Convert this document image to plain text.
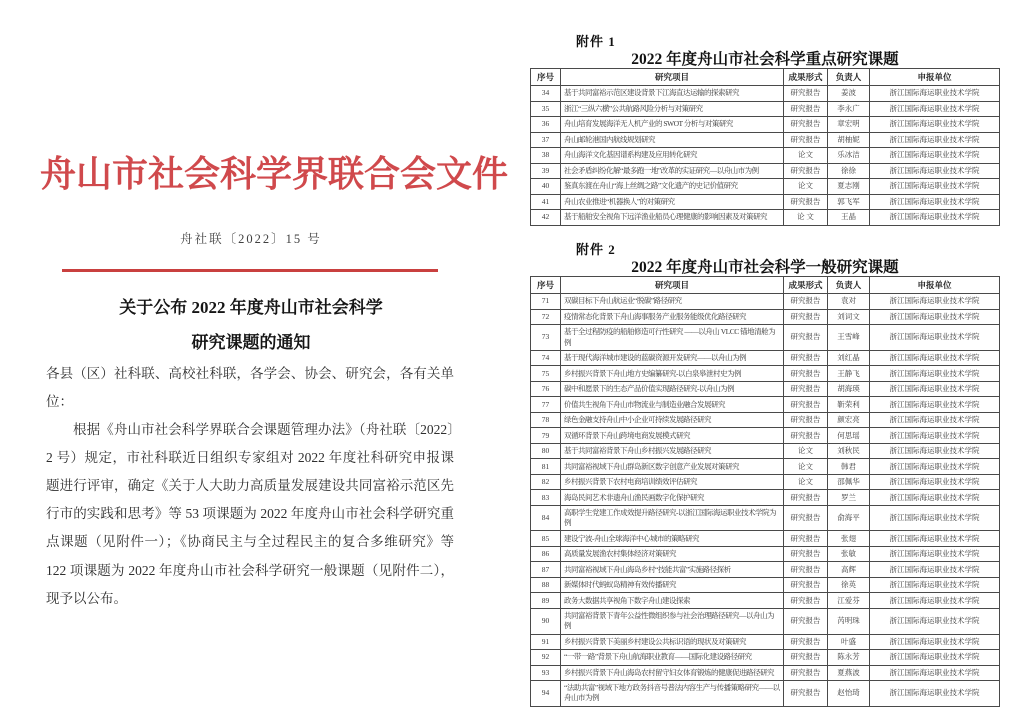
舟山市社会科学界联合会文件
舟社联〔2022〕15 号
关于公布 2022 年度舟山市社会科学
研究课题的通知

各县（区）社科联、高校社科联，各学会、协会、研究会，各有关单位：

根据《舟山市社会科学界联合会课题管理办法》（舟社联〔2022〕2 号）规定，市社科联近日组织专家组对 2022 年度社科研究申报课题进行评审，确定《关于人大助力高质量发展建设共同富裕示范区先行市的实践和思考》等 53 项课题为 2022 年度舟山市社会科学研究重点课题（见附件一）；《协商民主与全过程民主的复合多维研究》等 122 项课题为 2022 年度舟山市社会科学研究一般课题（见附件二），现予以公布。

附件 1
2022 年度舟山市社会科学重点研究课题
序号	研究项目	成果形式	负责人	申报单位
34	基于共同富裕示范区建设背景下江海直达运输的探索研究	研究报告	姜波	浙江国际海运职业技术学院
35	浙江“三纵六横”公共航路风险分析与对策研究	研究报告	李永广	浙江国际海运职业技术学院
36	舟山培育发展海洋无人机产业的 SWOT 分析与对策研究	研究报告	章宏明	浙江国际海运职业技术学院
37	舟山邮轮港国内航线规划研究	研究报告	胡柚妮	浙江国际海运职业技术学院
38	舟山海洋文化基因谱系构建及应用转化研究	论文	乐冰洁	浙江国际海运职业技术学院
39	社会矛盾纠纷化解“最多跑一地”改革的实证研究—以舟山市为例	研究报告	徐徐	浙江国际海运职业技术学院
40	鉴真东渡在舟山“海上丝绸之路”文化遗产的史记价值研究	论文	夏志刚	浙江国际海运职业技术学院
41	舟山农业推进“机器换人”的对策研究	研究报告	郭飞军	浙江国际海运职业技术学院
42	基于船舶安全视角下远洋渔业船员心理健康的影响因素及对策研究	论 文	王晶	浙江国际海运职业技术学院
附件 2
2022 年度舟山市社会科学一般研究课题
序号	研究项目	成果形式	负责人	申报单位
71	双碳目标下舟山航运业“脱碳”路径研究	研究报告	袁对	浙江国际海运职业技术学院
72	疫情常态化背景下舟山海事服务产业服务能级优化路径研究	研究报告	刘词文	浙江国际海运职业技术学院
73	基于全过程防疫的船舶修造可行性研究 ——以舟山 VLCC 锚地清舱为例	研究报告	王雪峰	浙江国际海运职业技术学院
74	基于现代海洋城市建设的蓝碳资源开发研究——以舟山为例	研究报告	刘红晶	浙江国际海运职业技术学院
75	乡村振兴背景下舟山地方史编纂研究-以白泉皋泄村史为例	研究报告	王静飞	浙江国际海运职业技术学院
76	碳中和愿景下的生态产品价值实现路径研究-以舟山为例	研究报告	胡海瑛	浙江国际海运职业技术学院
77	价值共生视角下舟山市物流业与制造业融合发展研究	研究报告	靳荣利	浙江国际海运职业技术学院
78	绿色金融支持舟山中小企业可持续发展路径研究	研究报告	颜宏亮	浙江国际海运职业技术学院
79	双循环背景下舟山跨境电商发展模式研究	研究报告	何思瑶	浙江国际海运职业技术学院
80	基于共同富裕背景下舟山乡村振兴发展路径研究	论文	刘秋民	浙江国际海运职业技术学院
81	共同富裕视域下舟山群岛新区数字创意产业发展对策研究	论文	韩君	浙江国际海运职业技术学院
82	乡村振兴背景下农村电商培训绩效评估研究	论文	邵佩华	浙江国际海运职业技术学院
83	海岛民间艺术非遗舟山渔民画数字化保护研究	研究报告	罗兰	浙江国际海运职业技术学院
84	高职学生党建工作成效提升路径研究-以浙江国际海运职业技术学院为例	研究报告	俞海平	浙江国际海运职业技术学院
85	建设宁波-舟山全球海洋中心城市的策略研究	研究报告	张翅	浙江国际海运职业技术学院
86	高质量发展渔农村集体经济对策研究	研究报告	张敏	浙江国际海运职业技术学院
87	共同富裕视域下舟山海岛乡村“技能共富”实施路径探析	研究报告	高辉	浙江国际海运职业技术学院
88	新媒体时代蚂蚁岛精神有效传播研究	研究报告	徐英	浙江国际海运职业技术学院
89	政务大数据共享视角下数字舟山建设探索	研究报告	江爱芬	浙江国际海运职业技术学院
90	共同富裕背景下青年公益性微组织参与社会治理路径研究—以舟山为例	研究报告	芮明珠	浙江国际海运职业技术学院
91	乡村振兴背景下美丽乡村建设公共标识语的现状及对策研究	研究报告	叶盛	浙江国际海运职业技术学院
92	“一带一路”背景下舟山航海职业教育——国际化建设路径研究	研究报告	陈永芳	浙江国际海运职业技术学院
93	乡村振兴背景下舟山海岛农村留守妇女体育锻炼的健康促进路径研究	研究报告	夏燕波	浙江国际海运职业技术学院
94	“法助共富”视域下地方政务抖音号普法内容生产与传播策略研究——以舟山市为例	研究报告	赵怡琦	浙江国际海运职业技术学院
